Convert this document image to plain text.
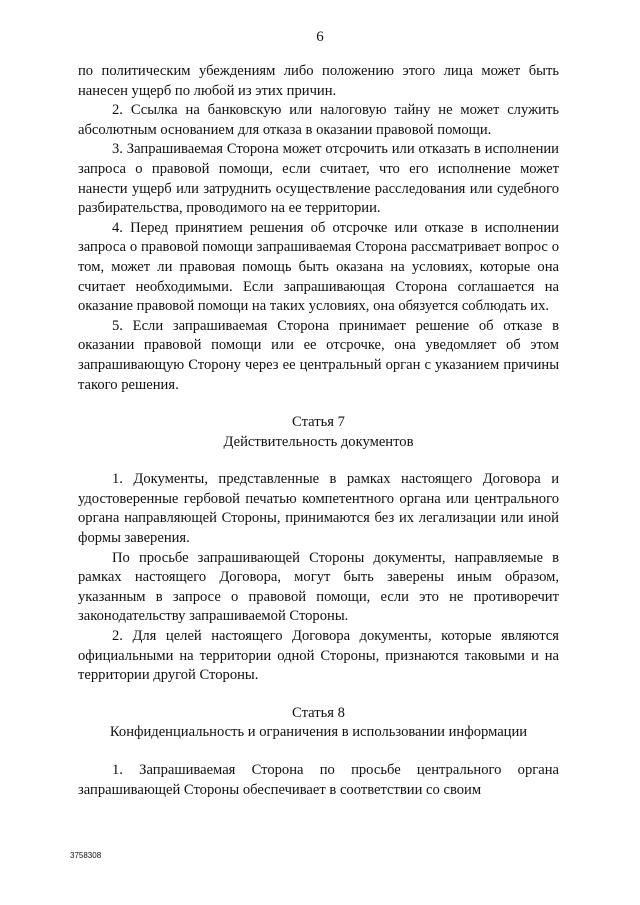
6

по политическим убеждениям либо положению этого лица может быть нанесен ущерб по любой из этих причин.

2. Ссылка на банковскую или налоговую тайну не может служить абсолютным основанием для отказа в оказании правовой помощи.

3. Запрашиваемая Сторона может отсрочить или отказать в исполнении запроса о правовой помощи, если считает, что его исполнение может нанести ущерб или затруднить осуществление расследования или судебного разбирательства, проводимого на ее территории.

4. Перед принятием решения об отсрочке или отказе в исполнении запроса о правовой помощи запрашиваемая Сторона рассматривает вопрос о том, может ли правовая помощь быть оказана на условиях, которые она считает необходимыми. Если запрашивающая Сторона соглашается на оказание правовой помощи на таких условиях, она обязуется соблюдать их.

5. Если запрашиваемая Сторона принимает решение об отказе в оказании правовой помощи или ее отсрочке, она уведомляет об этом запрашивающую Сторону через ее центральный орган с указанием причины такого решения.

Статья 7
Действительность документов

1. Документы, представленные в рамках настоящего Договора и удостоверенные гербовой печатью компетентного органа или центрального органа направляющей Стороны, принимаются без их легализации или иной формы заверения.

По просьбе запрашивающей Стороны документы, направляемые в рамках настоящего Договора, могут быть заверены иным образом, указанным в запросе о правовой помощи, если это не противоречит законодательству запрашиваемой Стороны.

2. Для целей настоящего Договора документы, которые являются официальными на территории одной Стороны, признаются таковыми и на территории другой Стороны.

Статья 8
Конфиденциальность и ограничения в использовании информации

1. Запрашиваемая Сторона по просьбе центрального органа запрашивающей Стороны обеспечивает в соответствии со своим

3758308
